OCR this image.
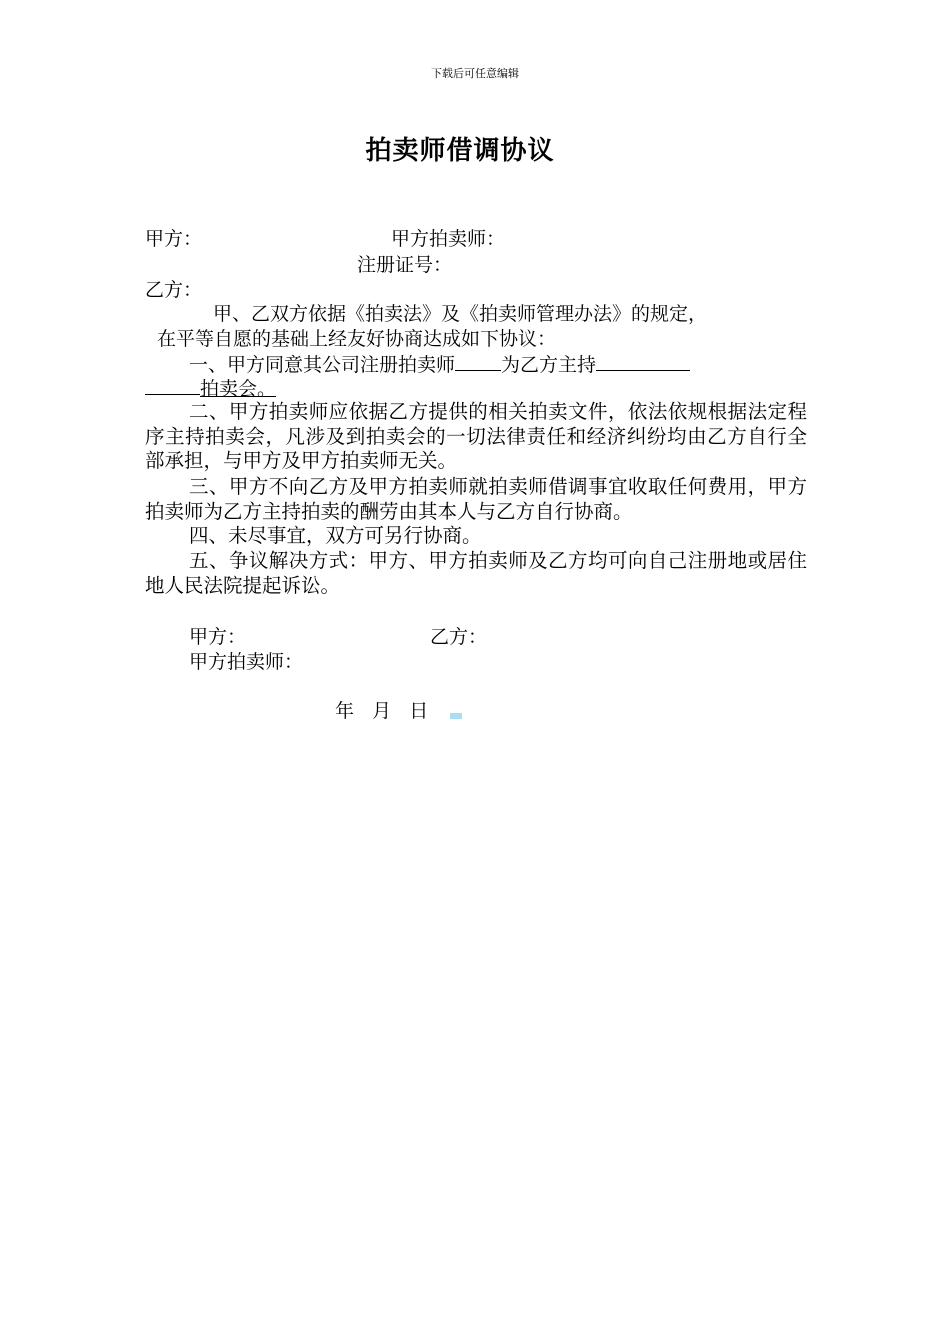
下载后可任意编辑
拍卖师借调协议
甲方：	甲方拍卖师：
注册证号：
乙方：
甲、乙双方依据《拍卖法》及《拍卖师管理办法》的规定，
在平等自愿的基础上经友好协商达成如下协议：
一、甲方同意其公司注册拍卖师 为乙方主持
拍卖会。
二、甲方拍卖师应依据乙方提供的相关拍卖文件，依法依规根据法定程序主持拍卖会，凡涉及到拍卖会的一切法律责任和经济纠纷均由乙方自行全部承担，与甲方及甲方拍卖师无关。
三、甲方不向乙方及甲方拍卖师就拍卖师借调事宜收取任何费用，甲方拍卖师为乙方主持拍卖的酬劳由其本人与乙方自行协商。
四、未尽事宜，双方可另行协商。
五、争议解决方式：甲方、甲方拍卖师及乙方均可向自己注册地或居住地人民法院提起诉讼。
甲方：	乙方：
甲方拍卖师：
年   月   日
